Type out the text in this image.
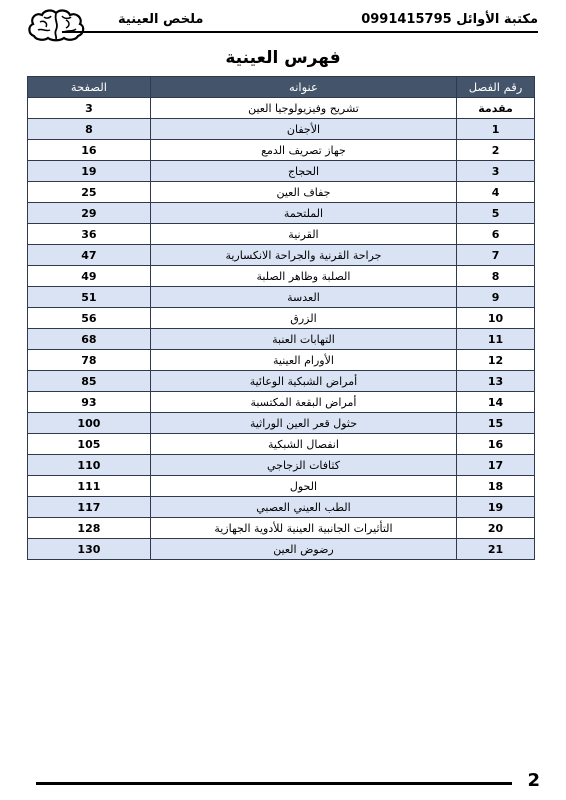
ملخص العينية	مكتبة الأوائل 0991415795
فهرس العينية
رقم الفصل	عنوانه	الصفحة
مقدمة	تشريح وفيزيولوجيا العين	3
1	الأجفان	8
2	جهاز تصريف الدمع	16
3	الحجاج	19
4	جفاف العين	25
5	الملتحمة	29
6	القرنية	36
7	جراحة القرنية والجراحة الانكسارية	47
8	الصلبة وظاهر الصلبة	49
9	العدسة	51
10	الزرق	56
11	التهابات العنبة	68
12	الأورام العينية	78
13	أمراض الشبكية الوعائية	85
14	أمراض البقعة المكتسبة	93
15	حثول قعر العين الوراثية	100
16	انفصال الشبكية	105
17	كثافات الزجاجي	110
18	الحول	111
19	الطب العيني العصبي	117
20	التأثيرات الجانبية العينية للأدوية الجهازية	128
21	رضوض العين	130
2
